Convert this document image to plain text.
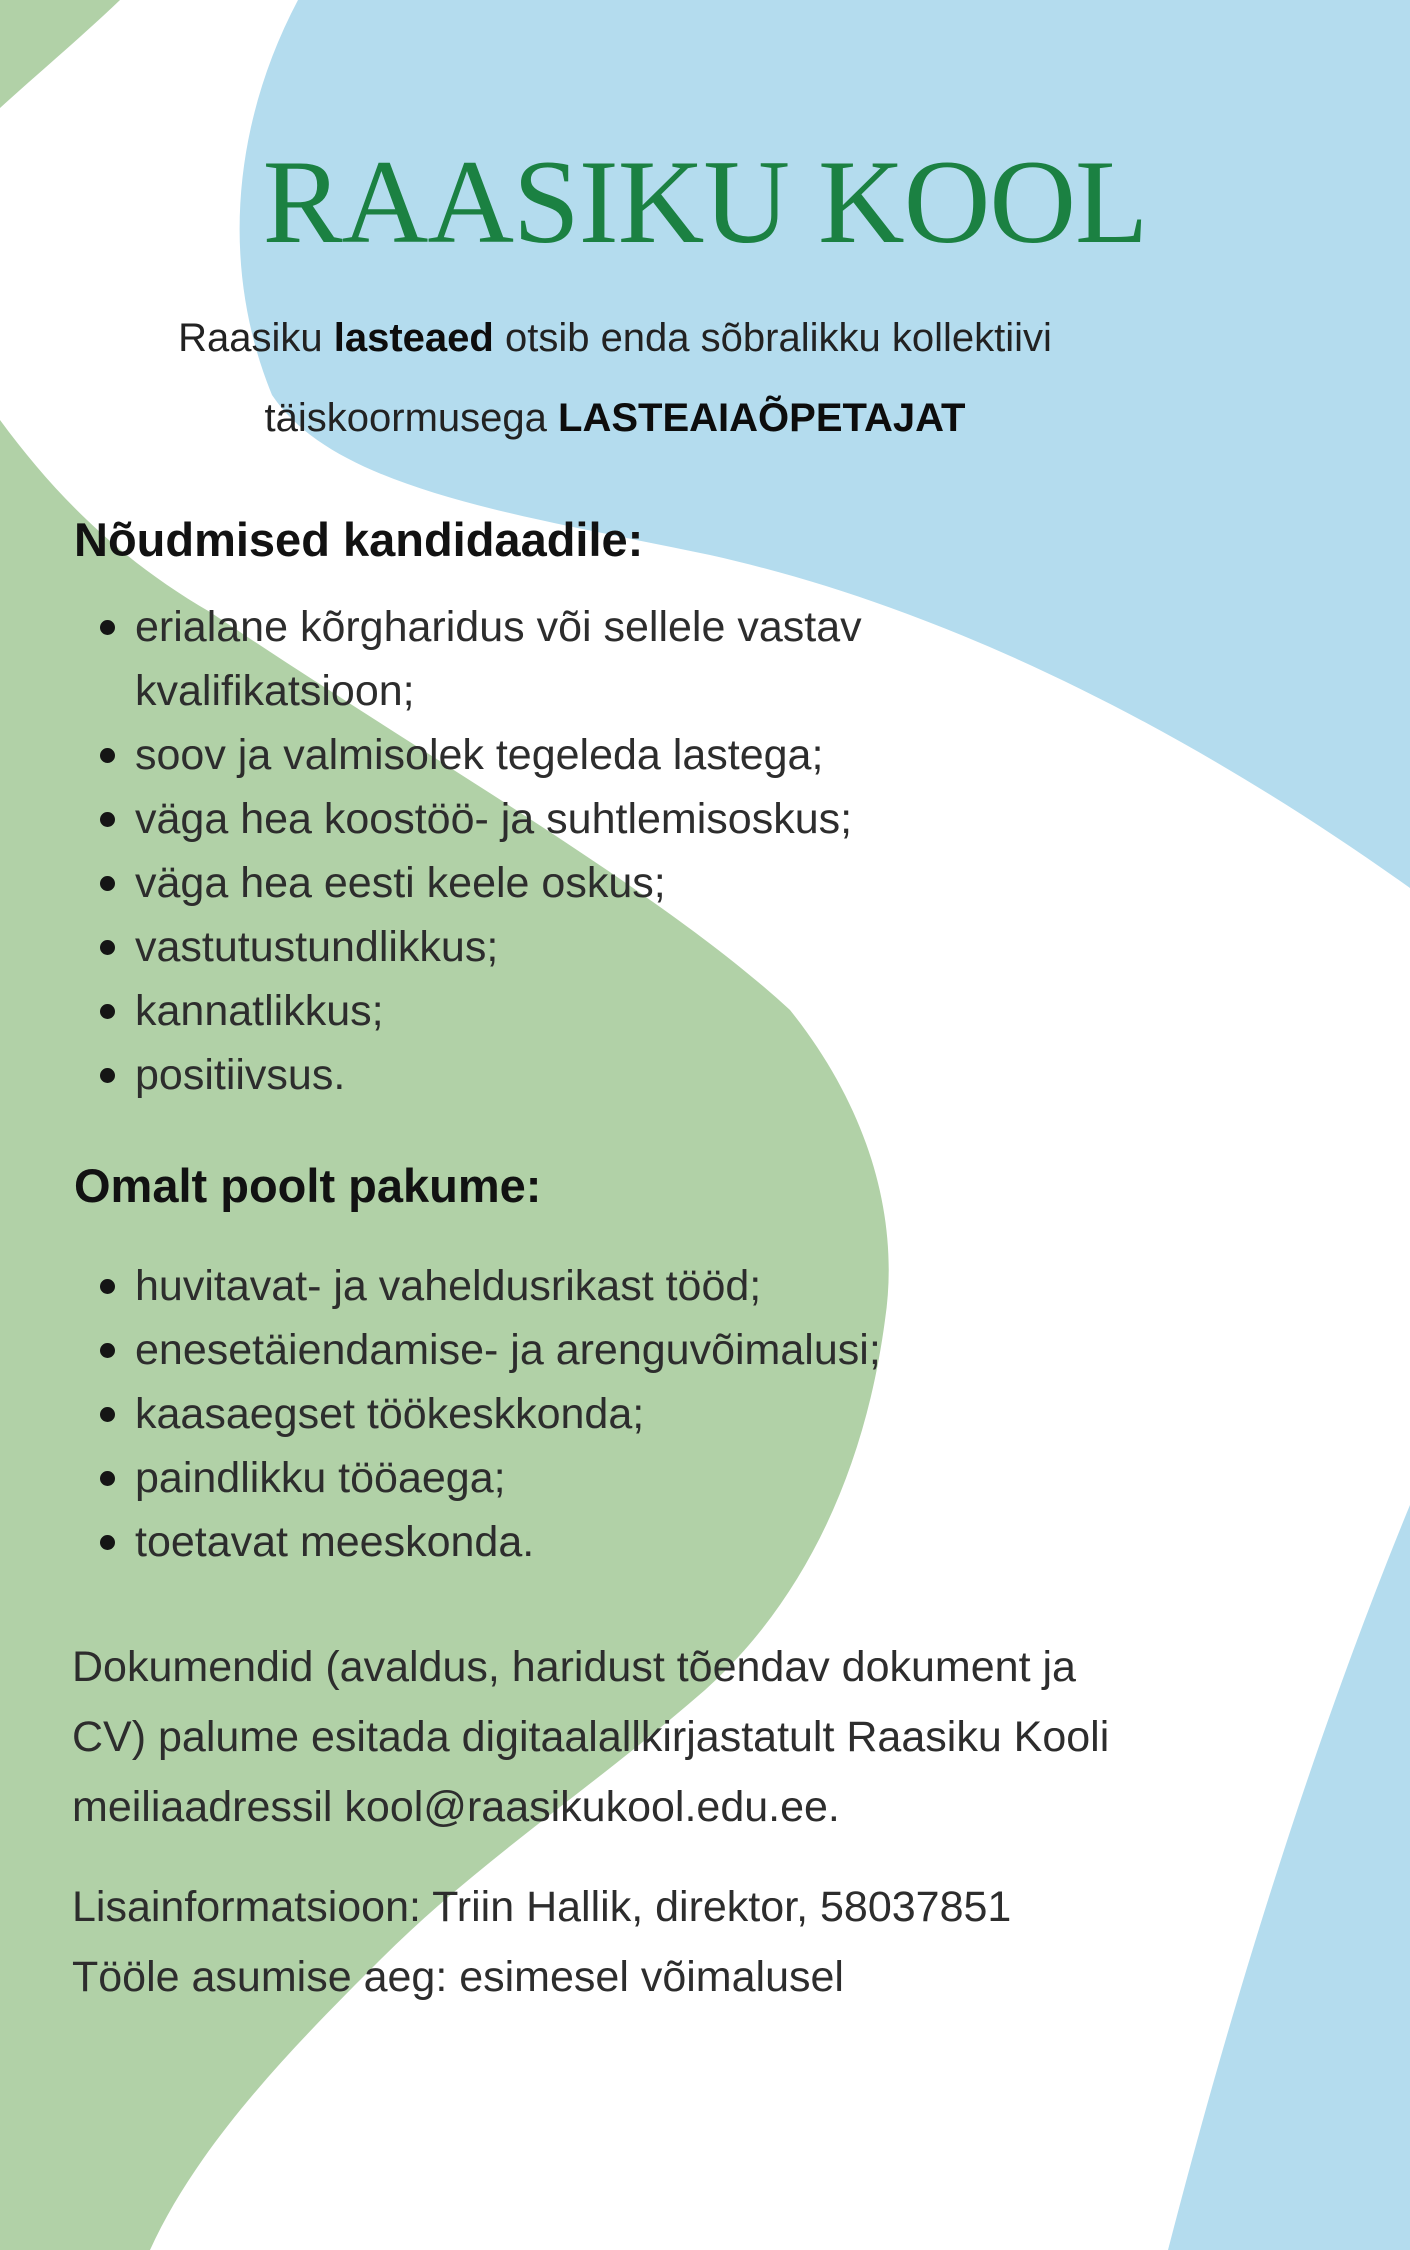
RAASIKU KOOL
Raasiku lasteaed otsib enda sõbralikku kollektiivi
täiskoormusega LASTEAIAÕPETAJAT
Nõudmised kandidaadile:
erialane kõrgharidus või sellele vastav
kvalifikatsioon;
soov ja valmisolek tegeleda lastega;
väga hea koostöö- ja suhtlemisoskus;
väga hea eesti keele oskus;
vastutustundlikkus;
kannatlikkus;
positiivsus.
Omalt poolt pakume:
huvitavat- ja vaheldusrikast tööd;
enesetäiendamise- ja arenguvõimalusi;
kaasaegset töökeskkonda;
paindlikku tööaega;
toetavat meeskonda.
Dokumendid (avaldus, haridust tõendav dokument ja
CV) palume esitada digitaalallkirjastatult Raasiku Kooli
meiliaadressil kool@raasikukool.edu.ee.
Lisainformatsioon: Triin Hallik, direktor, 58037851
Tööle asumise aeg: esimesel võimalusel
